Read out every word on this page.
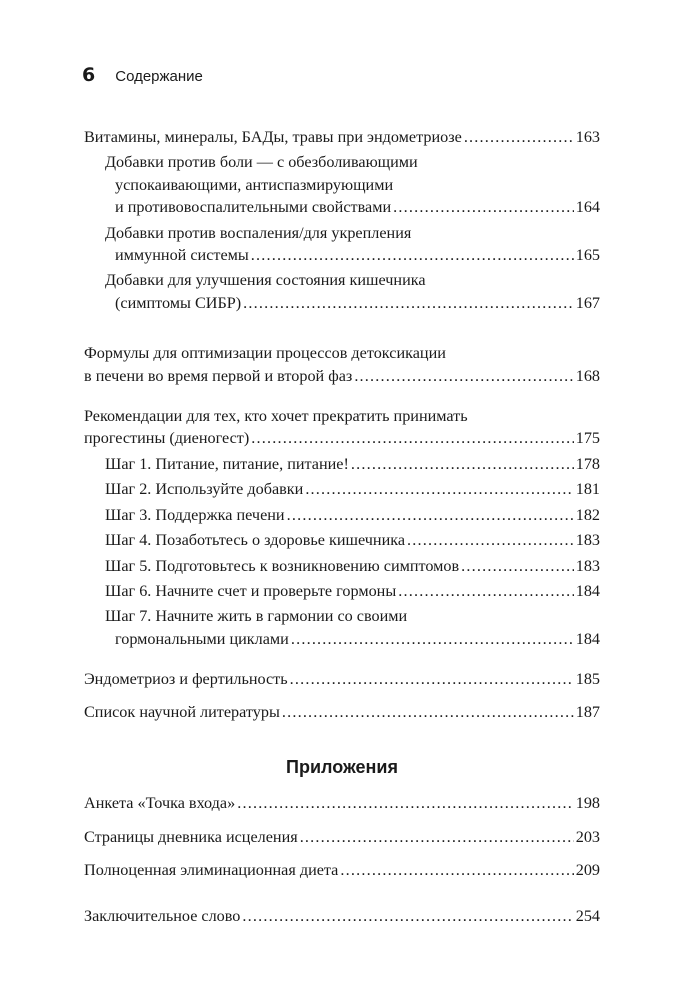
6 Содержание
Витамины, минералы, БАДы, травы при эндометриозе .....	163
Добавки против боли — с обезболивающими
успокаивающими, антиспазмирующими
и противовоспалительными свойствами .....	164
Добавки против воспаления/для укрепления
иммунной системы .....	165
Добавки для улучшения состояния кишечника
(симптомы СИБР) .....	167
Формулы для оптимизации процессов детоксикации
в печени во время первой и второй фаз .....	168
Рекомендации для тех, кто хочет прекратить принимать
прогестины (диеногест) .....	175
Шаг 1. Питание, питание, питание! .....	178
Шаг 2. Используйте добавки .....	181
Шаг 3. Поддержка печени .....	182
Шаг 4. Позаботьтесь о здоровье кишечника .....	183
Шаг 5. Подготовьтесь к возникновению симптомов .....	183
Шаг 6. Начните счет и проверьте гормоны .....	184
Шаг 7. Начните жить в гармонии со своими
гормональными циклами .....	184
Эндометриоз и фертильность .....	185
Список научной литературы .....	187
Приложения
Анкета «Точка входа» .....	198
Страницы дневника исцеления .....	203
Полноценная элиминационная диета .....	209
Заключительное слово .....	254
